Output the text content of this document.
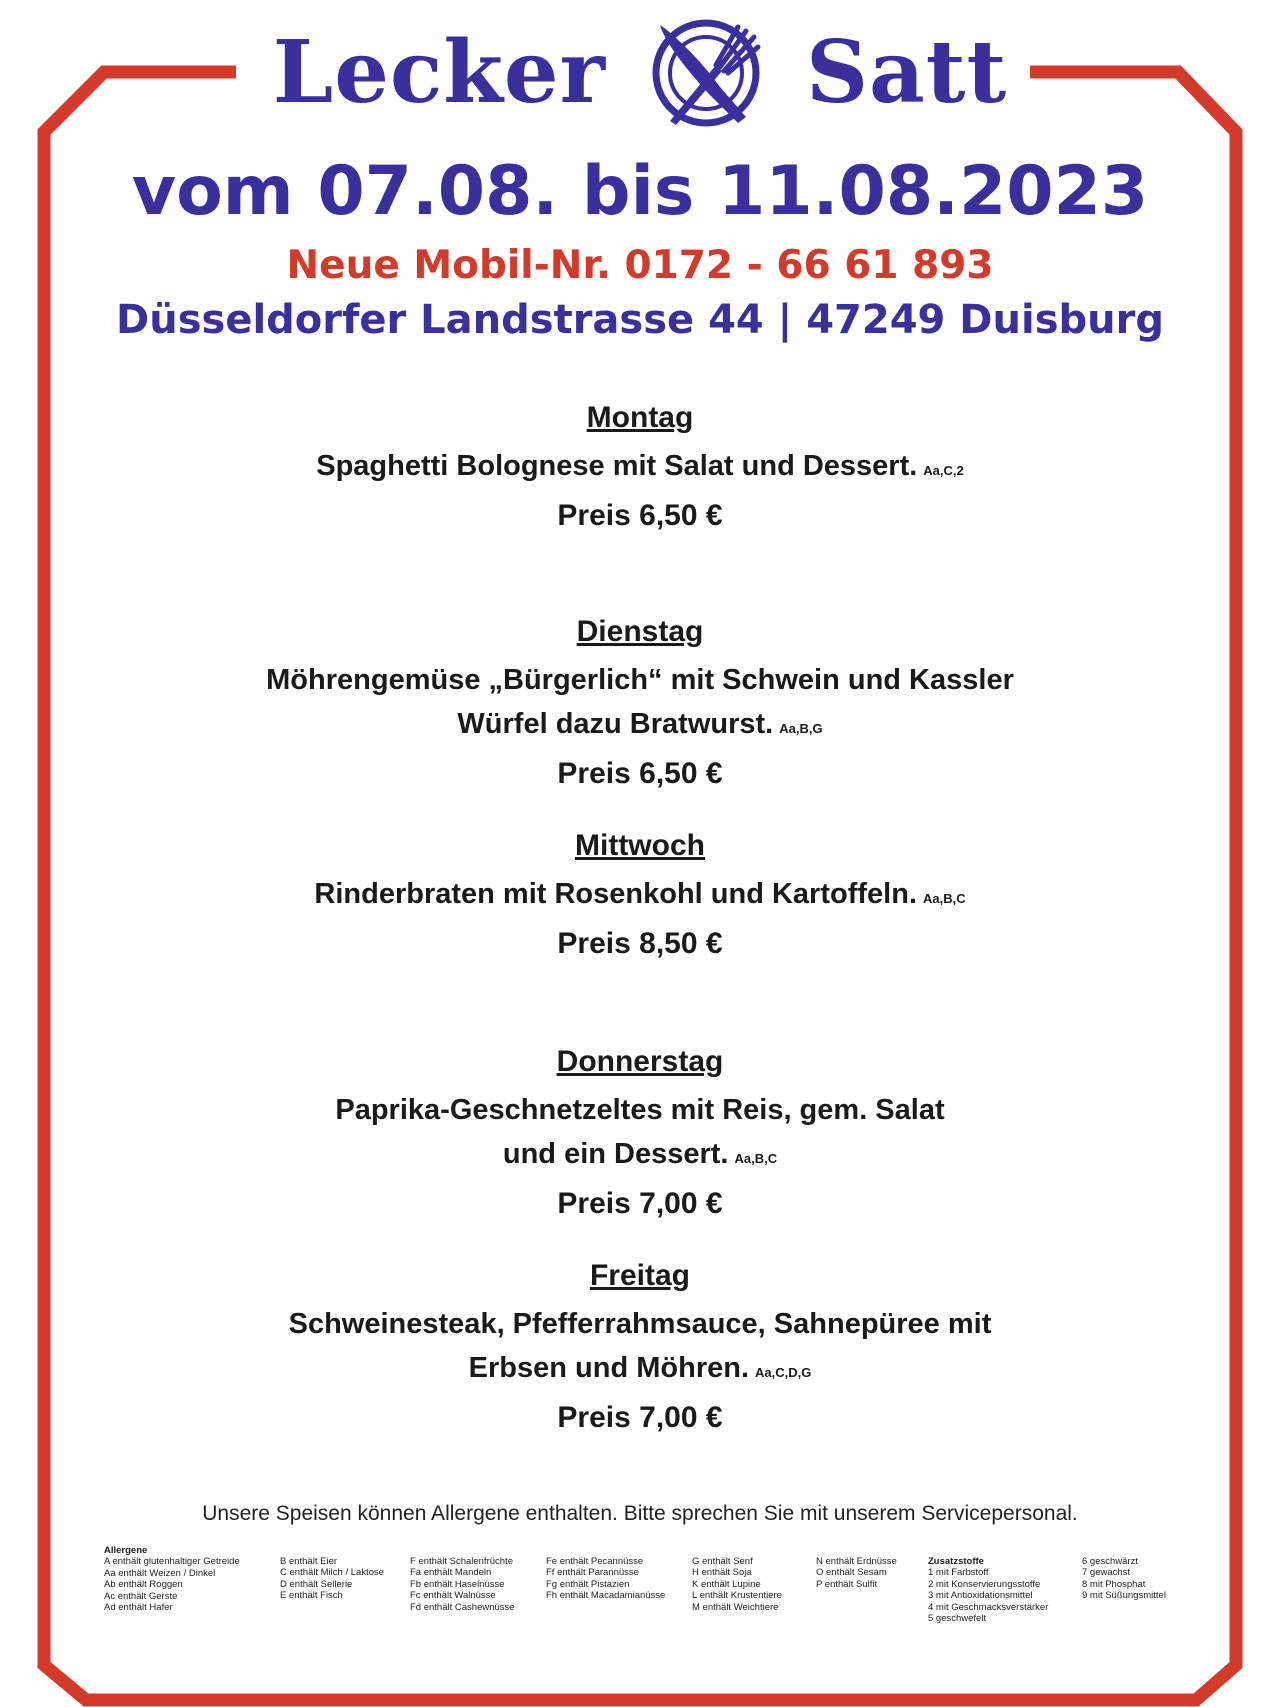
Lecker Satt
vom 07.08. bis 11.08.2023
Neue Mobil-Nr. 0172 - 66 61 893
Düsseldorfer Landstrasse 44 | 47249 Duisburg
Montag
Spaghetti Bolognese mit Salat und Dessert. Aa,C,2
Preis 6,50 €
Dienstag
Möhrengemüse „Bürgerlich“ mit Schwein und Kassler
Würfel dazu Bratwurst. Aa,B,G
Preis 6,50 €
Mittwoch
Rinderbraten mit Rosenkohl und Kartoffeln. Aa,B,C
Preis 8,50 €
Donnerstag
Paprika-Geschnetzeltes mit Reis, gem. Salat
und ein Dessert. Aa,B,C
Preis 7,00 €
Freitag
Schweinesteak, Pfefferrahmsauce, Sahnepüree mit
Erbsen und Möhren. Aa,C,D,G
Preis 7,00 €
Unsere Speisen können Allergene enthalten. Bitte sprechen Sie mit unserem Servicepersonal.
Allergene
A enthält glutenhaltiger Getreide
Aa enthält Weizen / Dinkel
Ab enthält Roggen
Ac enthält Gerste
Ad enthält Hafer
B enthält Eier
C enthält Milch / Laktose
D enthält Sellerie
E enthält Fisch
F enthält Schalenfrüchte
Fa enthält Mandeln
Fb enthält Haselnüsse
Fc enthält Walnüsse
Fd enthält Cashewnüsse
Fe enthält Pecannüsse
Ff enthält Parannüsse
Fg enthält Pistazien
Fh enthält Macadamianüsse
G enthält Senf
H enthält Soja
K enthält Lupine
L enthält Krustentiere
M enthält Weichtiere
N enthält Erdnüsse
O enthält Sesam
P enthält Sulfit
Zusatzstoffe
1 mit Farbstoff
2 mit Konservierungsstoffe
3 mit Antioxidationsmittel
4 mit Geschmacksverstärker
5 geschwefelt
6 geschwärzt
7 gewachst
8 mit Phosphat
9 mit Süßungsmittel
